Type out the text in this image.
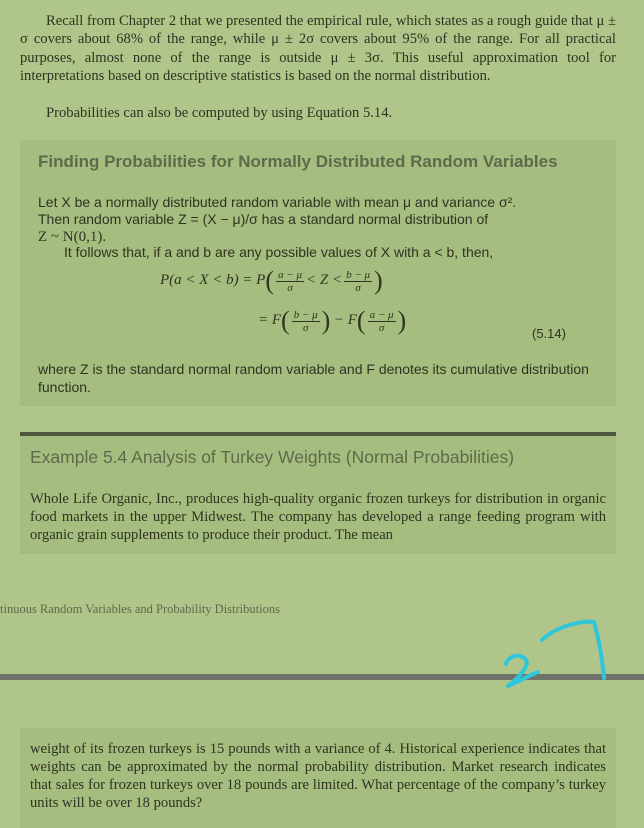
Recall from Chapter 2 that we presented the empirical rule, which states as a rough guide that μ ± σ covers about 68% of the range, while μ ± 2σ covers about 95% of the range. For all practical purposes, almost none of the range is outside μ ± 3σ. This useful approximation tool for interpretations based on descriptive statistics is based on the normal distribution.

Probabilities can also be computed by using Equation 5.14.

Finding Probabilities for Normally Distributed Random Variables

Let X be a normally distributed random variable with mean μ and variance σ².
Then random variable Z = (X − μ)/σ has a standard normal distribution of
Z ~ N(0,1).

It follows that, if a and b are any possible values of X with a < b, then,

$P(a < X < b) = P( \frac{a - \mu}{\sigma} < Z < \frac{b - \mu}{\sigma}$ )
= $F( \frac{b - \mu}{\sigma}$ ) − $F( \frac{a - \mu}{\sigma}$ )	(5.14)

where Z is the standard normal random variable and F denotes its cumulative distribution function.

Example 5.4 Analysis of Turkey Weights (Normal Probabilities)

Whole Life Organic, Inc., produces high-quality organic frozen turkeys for distribution in organic food markets in the upper Midwest. The company has developed a range feeding program with organic grain supplements to produce their product. The mean

tinuous Random Variables and Probability Distributions	27

weight of its frozen turkeys is 15 pounds with a variance of 4. Historical experience indicates that weights can be approximated by the normal probability distribution. Market research indicates that sales for frozen turkeys over 18 pounds are limited. What percentage of the company’s turkey units will be over 18 pounds?
